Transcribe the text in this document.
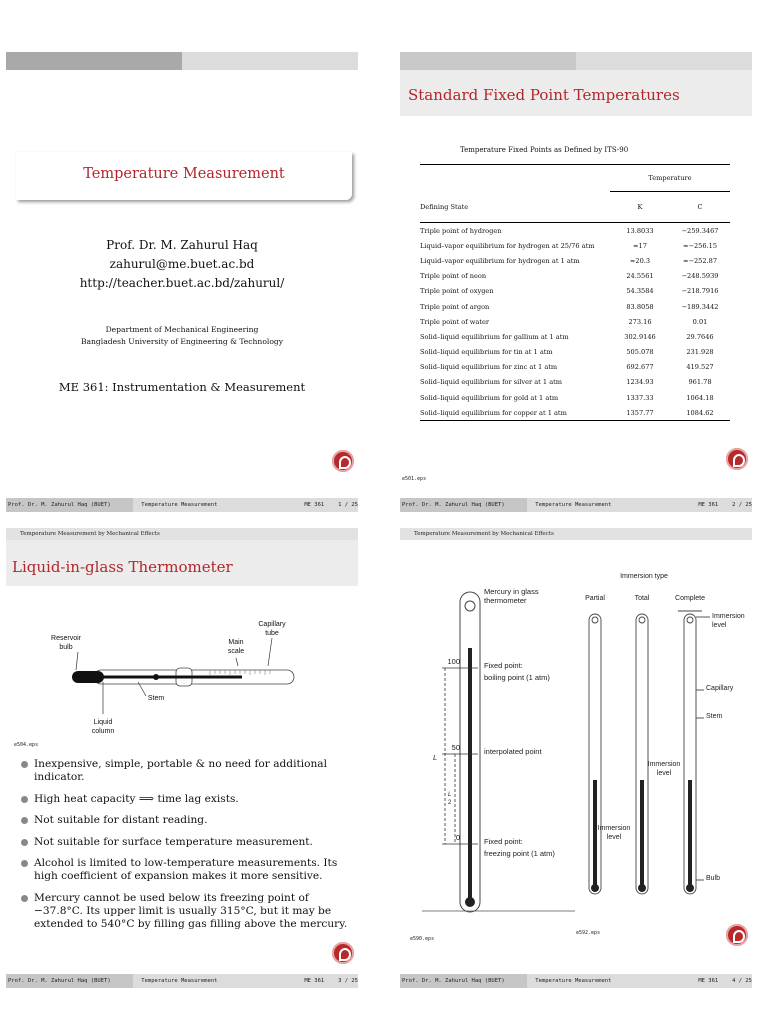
Temperature Measurement
Prof. Dr. M. Zahurul Haq
zahurul@me.buet.ac.bd
http://teacher.buet.ac.bd/zahurul/
Department of Mechanical Engineering
Bangladesh University of Engineering & Technology
ME 361: Instrumentation & Measurement
Prof. Dr. M. Zahurul Haq (BUET)	Temperature Measurement	ME 361	1 / 25
Standard Fixed Point Temperatures
Temperature Fixed Points as Defined by ITS-90
	Temperature	
Defining State	K	C
Triple point of hydrogen	13.8033	−259.3467
Liquid–vapor equilibrium for hydrogen at 25/76 atm	≈17	≈−256.15
Liquid–vapor equilibrium for hydrogen at 1 atm	≈20.3	≈−252.87
Triple point of neon	24.5561	−248.5939
Triple point of oxygen	54.3584	−218.7916
Triple point of argon	83.8058	−189.3442
Triple point of water	273.16	0.01
Solid–liquid equilibrium for gallium at 1 atm	302.9146	29.7646
Solid–liquid equilibrium for tin at 1 atm	505.078	231.928
Solid–liquid equilibrium for zinc at 1 atm	692.677	419.527
Solid–liquid equilibrium for silver at 1 atm	1234.93	961.78
Solid–liquid equilibrium for gold at 1 atm	1337.33	1064.18
Solid–liquid equilibrium for copper at 1 atm	1357.77	1084.62
e501.eps
Prof. Dr. M. Zahurul Haq (BUET)	Temperature Measurement	ME 361	2 / 25
Temperature Measurement by Mechanical Effects
Liquid-in-glass Thermometer
Reservoir
bulb
Main
scale
Capillary
tube
Stem
Liquid
column
e504.eps
Inexpensive, simple, portable & no need for additional indicator.
High heat capacity ⟹ time lag exists.
Not suitable for distant reading.
Not suitable for surface temperature measurement.
Alcohol is limited to low-temperature measurements. Its high coefficient of expansion makes it more sensitive.
Mercury cannot be used below its freezing point of −37.8°C. Its upper limit is usually 315°C, but it may be extended to 540°C by filling gas filling above the mercury.
Prof. Dr. M. Zahurul Haq (BUET)	Temperature Measurement	ME 361	3 / 25
Temperature Measurement by Mechanical Effects
Mercury in glass
thermometer
100
50
0
Fixed point:
boiling point (1 atm)
interpolated point
Fixed point:
freezing point (1 atm)
L
L
2
Immersion type
Partial	Total	Complete
Immersion
level
Capillary
Stem
Bulb
Immersion
level
Immersion
level
e590.eps
e592.eps
Prof. Dr. M. Zahurul Haq (BUET)	Temperature Measurement	ME 361	4 / 25
